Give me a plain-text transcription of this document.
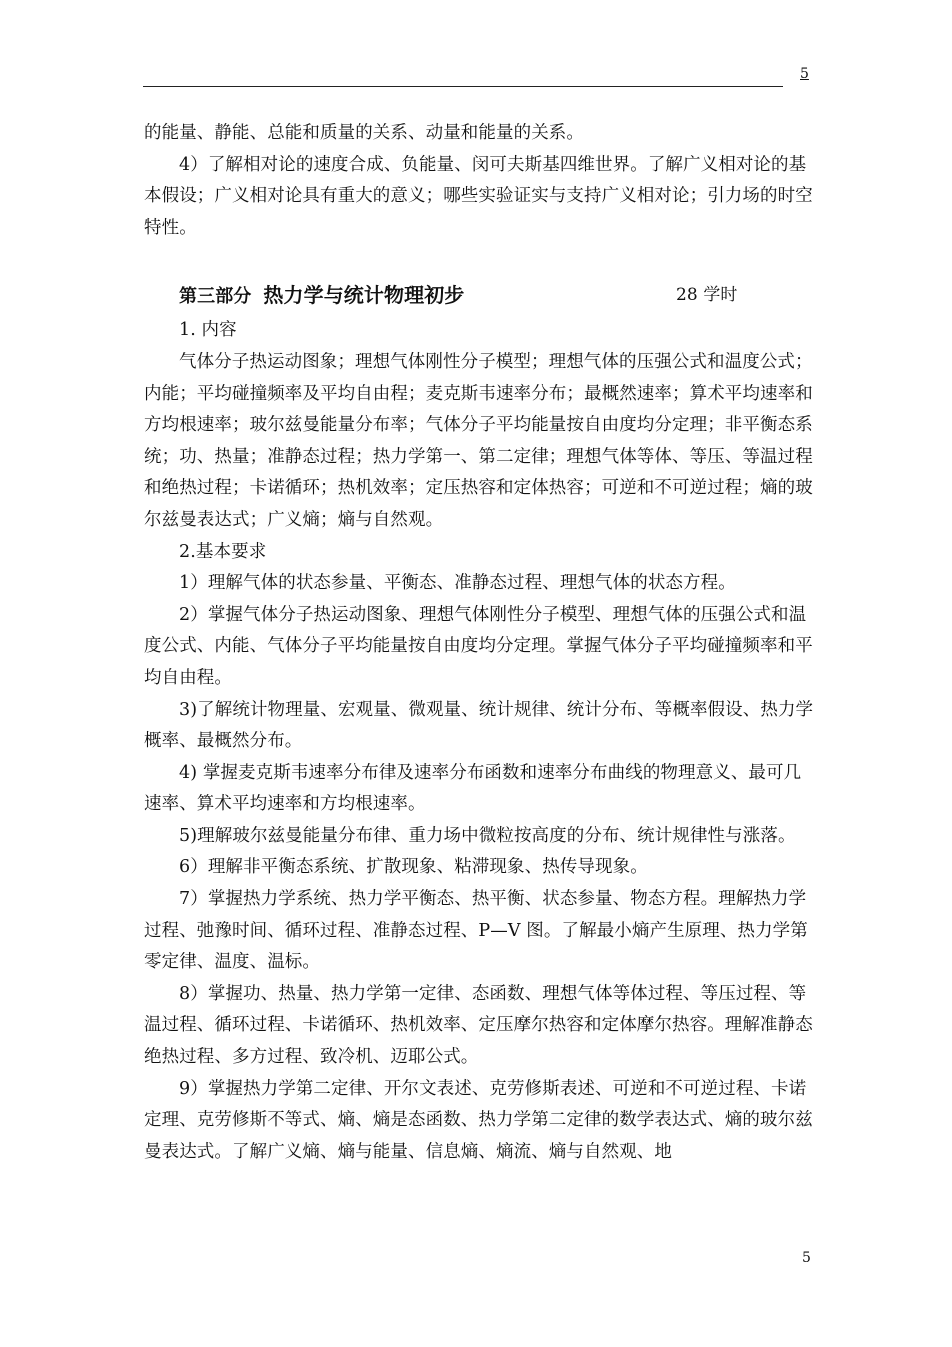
5

的能量、静能、总能和质量的关系、动量和能量的关系。

4）了解相对论的速度合成、负能量、闵可夫斯基四维世界。了解广义相对论的基本假设；广义相对论具有重大的意义；哪些实验证实与支持广义相对论；引力场的时空特性。

第三部分 热力学与统计物理初步	28 学时

1. 内容

气体分子热运动图象；理想气体刚性分子模型；理想气体的压强公式和温度公式；内能；平均碰撞频率及平均自由程；麦克斯韦速率分布；最概然速率；算术平均速率和方均根速率；玻尔兹曼能量分布率；气体分子平均能量按自由度均分定理；非平衡态系统；功、热量；准静态过程；热力学第一、第二定律；理想气体等体、等压、等温过程和绝热过程；卡诺循环；热机效率；定压热容和定体热容；可逆和不可逆过程；熵的玻尔兹曼表达式；广义熵；熵与自然观。

2.基本要求

1）理解气体的状态参量、平衡态、准静态过程、理想气体的状态方程。

2）掌握气体分子热运动图象、理想气体刚性分子模型、理想气体的压强公式和温度公式、内能、气体分子平均能量按自由度均分定理。掌握气体分子平均碰撞频率和平均自由程。

3)了解统计物理量、宏观量、微观量、统计规律、统计分布、等概率假设、热力学概率、最概然分布。

4) 掌握麦克斯韦速率分布律及速率分布函数和速率分布曲线的物理意义、最可几速率、算术平均速率和方均根速率。

5)理解玻尔兹曼能量分布律、重力场中微粒按高度的分布、统计规律性与涨落。

6）理解非平衡态系统、扩散现象、粘滞现象、热传导现象。

7）掌握热力学系统、热力学平衡态、热平衡、状态参量、物态方程。理解热力学过程、弛豫时间、循环过程、准静态过程、P—V 图。了解最小熵产生原理、热力学第零定律、温度、温标。

8）掌握功、热量、热力学第一定律、态函数、理想气体等体过程、等压过程、等温过程、循环过程、卡诺循环、热机效率、定压摩尔热容和定体摩尔热容。理解准静态绝热过程、多方过程、致冷机、迈耶公式。

9）掌握热力学第二定律、开尔文表述、克劳修斯表述、可逆和不可逆过程、卡诺定理、克劳修斯不等式、熵、熵是态函数、热力学第二定律的数学表达式、熵的玻尔兹曼表达式。了解广义熵、熵与能量、信息熵、熵流、熵与自然观、地

5
